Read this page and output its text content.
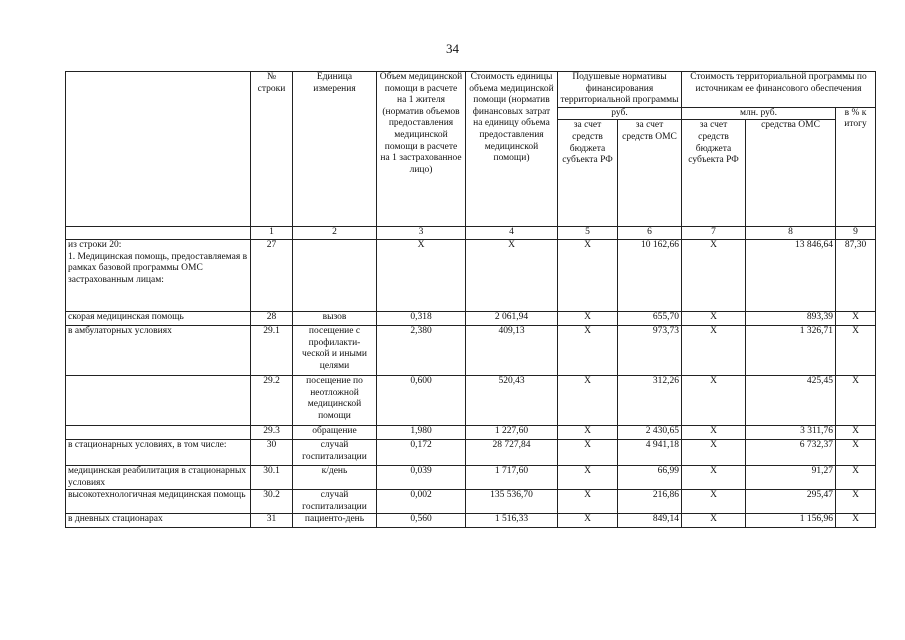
34
	№ строки	Единица измерения	Объем медицинской помощи в расчете на 1 жителя (норматив объемов предоставления медицинской помощи в расчете на 1 застрахованное лицо)	Стоимость единицы объема медицинской помощи (норматив финансовых затрат на единицу объема предоставления медицинской помощи)	Подушевые нормативы финансирования территориальной программы		Стоимость территориальной программы по источникам ее финансового обеспечения		
					руб.		млн. руб.		в % к итогу
					за счет средств бюджета субъекта РФ	за счет средств ОМС	за счет средств бюджета субъекта РФ	средства ОМС	
	1	2	3	4	5	6	7	8	9
из строки 20:
1. Медицинская помощь, предоставляемая в рамках базовой программы ОМС застрахованным лицам:	27		X	X	X	10 162,66	X	13 846,64	87,30
скорая медицинская помощь	28	вызов	0,318	2 061,94	X	655,70	X	893,39	X
в амбулаторных условиях	29.1	посещение с профилакти-ческой и иными целями	2,380	409,13	X	973,73	X	1 326,71	X
	29.2	посещение по неотложной медицинской помощи	0,600	520,43	X	312,26	X	425,45	X
	29.3	обращение	1,980	1 227,60	X	2 430,65	X	3 311,76	X
в стационарных условиях, в том числе:	30	случай госпитализации	0,172	28 727,84	X	4 941,18	X	6 732,37	X
медицинская реабилитация в стационарных условиях	30.1	к/день	0,039	1 717,60	X	66,99	X	91,27	X
высокотехнологичная медицинская помощь	30.2	случай госпитализации	0,002	135 536,70	X	216,86	X	295,47	X
в дневных стационарах	31	пациенто-день	0,560	1 516,33	X	849,14	X	1 156,96	X
